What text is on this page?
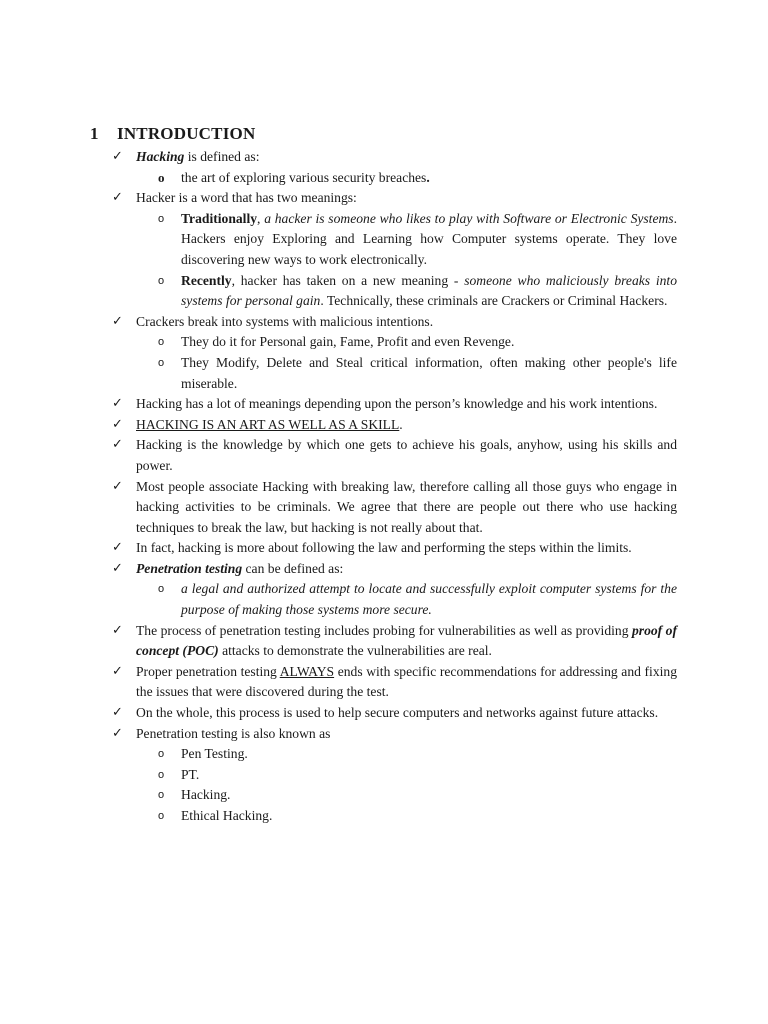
1 INTRODUCTION
✓ Hacking is defined as:
o	the art of exploring various security breaches.
✓ Hacker is a word that has two meanings:
o	Traditionally, a hacker is someone who likes to play with Software or Electronic Systems. Hackers enjoy Exploring and Learning how Computer systems operate. They love discovering new ways to work electronically.
o	Recently, hacker has taken on a new meaning - someone who maliciously breaks into systems for personal gain. Technically, these criminals are Crackers or Criminal Hackers.
✓ Crackers break into systems with malicious intentions.
o	They do it for Personal gain, Fame, Profit and even Revenge.
o	They Modify, Delete and Steal critical information, often making other people's life miserable.
✓ Hacking has a lot of meanings depending upon the person’s knowledge and his work intentions.
✓ HACKING IS AN ART AS WELL AS A SKILL.
✓ Hacking is the knowledge by which one gets to achieve his goals, anyhow, using his skills and power.
✓ Most people associate Hacking with breaking law, therefore calling all those guys who engage in hacking activities to be criminals. We agree that there are people out there who use hacking techniques to break the law, but hacking is not really about that.
✓ In fact, hacking is more about following the law and performing the steps within the limits.
✓ Penetration testing can be defined as:
o	a legal and authorized attempt to locate and successfully exploit computer systems for the purpose of making those systems more secure.
✓ The process of penetration testing includes probing for vulnerabilities as well as providing proof of concept (POC) attacks to demonstrate the vulnerabilities are real.
✓ Proper penetration testing ALWAYS ends with specific recommendations for addressing and fixing the issues that were discovered during the test.
✓ On the whole, this process is used to help secure computers and networks against future attacks.
✓ Penetration testing is also known as
o	Pen Testing.
o	PT.
o	Hacking.
o	Ethical Hacking.
